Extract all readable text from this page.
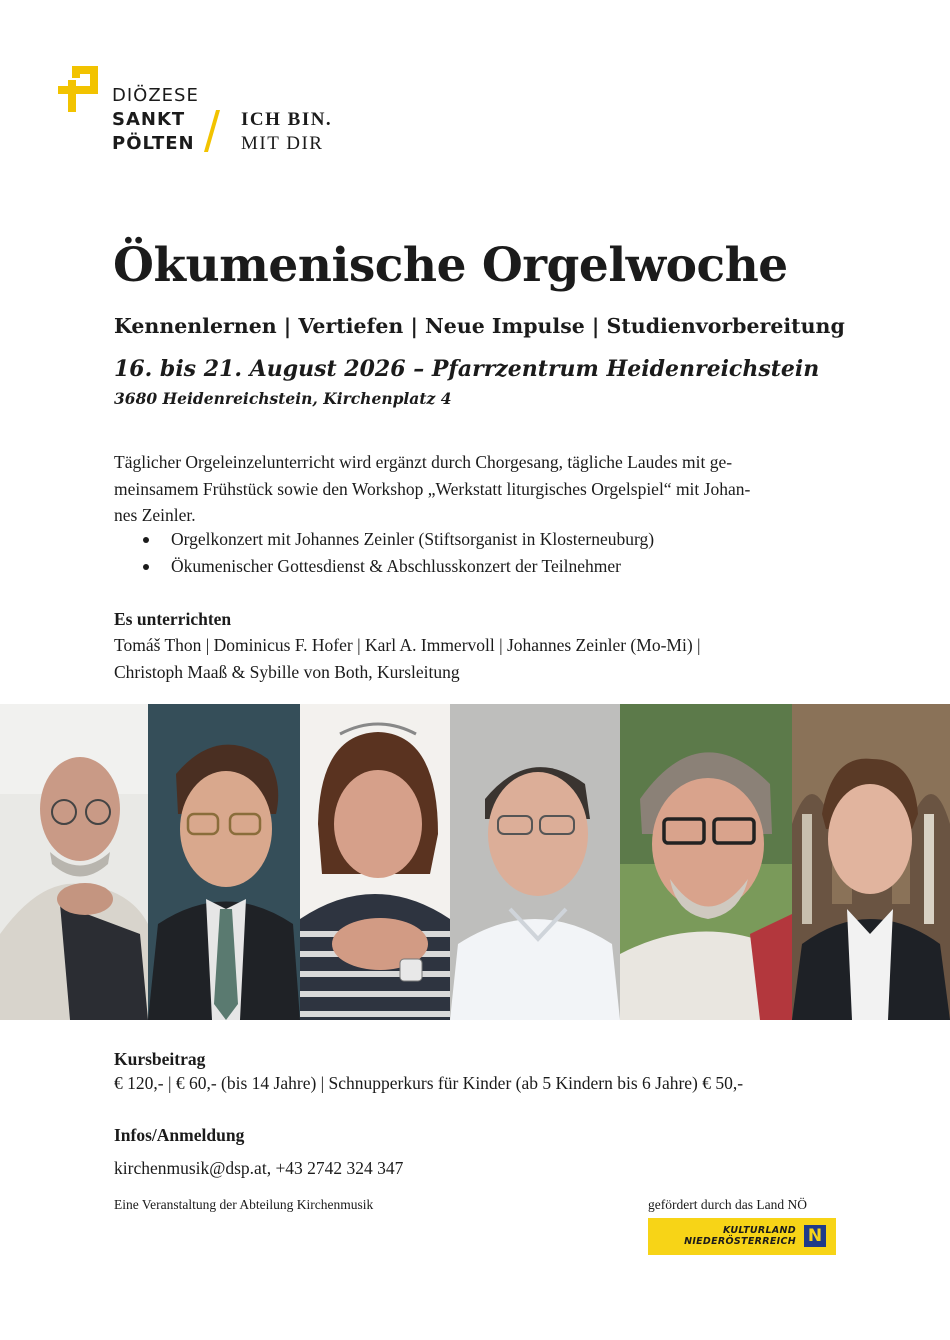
DIÖZESE
SANKT
PÖLTEN
ICH BIN.
MIT DIR
Ökumenische Orgelwoche
Kennenlernen | Vertiefen | Neue Impulse | Studienvorbereitung
16. bis 21. August 2026 – Pfarrzentrum Heidenreichstein
3680 Heidenreichstein, Kirchenplatz 4
Täglicher Orgeleinzelunterricht wird ergänzt durch Chorgesang, tägliche Laudes mit ge-
meinsamem Frühstück sowie den Workshop „Werkstatt liturgisches Orgelspiel“ mit Johan-
nes Zeinler.
Orgelkonzert mit Johannes Zeinler (Stiftsorganist in Klosterneuburg)
Ökumenischer Gottesdienst & Abschlusskonzert der Teilnehmer
Es unterrichten
Tomáš Thon | Dominicus F. Hofer | Karl A. Immervoll | Johannes Zeinler (Mo-Mi) |
Christoph Maaß & Sybille von Both, Kursleitung
Kursbeitrag
€ 120,- | € 60,- (bis 14 Jahre) | Schnupperkurs für Kinder (ab 5 Kindern bis 6 Jahre) € 50,-
Infos/Anmeldung
kirchenmusik@dsp.at, +43 2742 324 347
Eine Veranstaltung der Abteilung Kirchenmusik	gefördert durch das Land NÖ
KULTURLAND
NIEDERÖSTERREICH N
